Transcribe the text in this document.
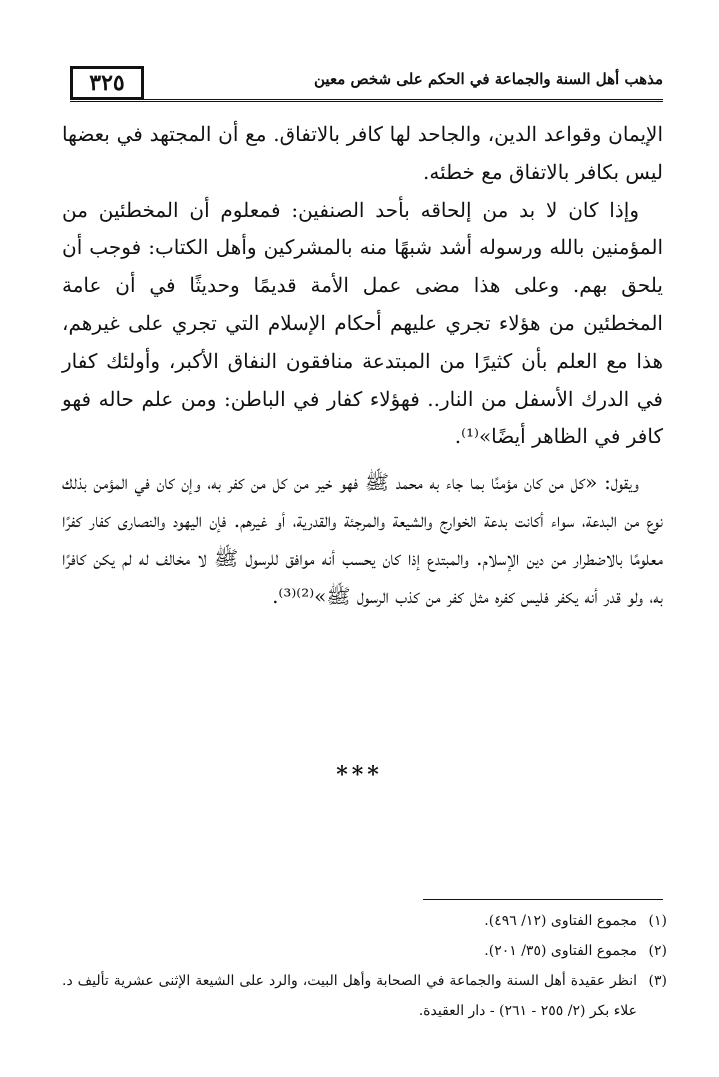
٣٢٥	مذهب أهل السنة والجماعة في الحكم على شخص معين

الإيمان وقواعد الدين، والجاحد لها كافر بالاتفاق. مع أن المجتهد في بعضها ليس بكافر بالاتفاق مع خطئه.

وإذا كان لا بد من إلحاقه بأحد الصنفين: فمعلوم أن المخطئين من المؤمنين بالله ورسوله أشد شبهًا منه بالمشركين وأهل الكتاب: فوجب أن يلحق بهم. وعلى هذا مضى عمل الأمة قديمًا وحديثًا في أن عامة المخطئين من هؤلاء تجري عليهم أحكام الإسلام التي تجري على غيرهم، هذا مع العلم بأن كثيرًا من المبتدعة منافقون النفاق الأكبر، وأولئك كفار في الدرك الأسفل من النار.. فهؤلاء كفار في الباطن: ومن علم حاله فهو كافر في الظاهر أيضًا»⁽¹⁾.

ويقول: «كل من كان مؤمنًا بما جاء به محمد ﷺ فهو خير من كل من كفر به، وإن كان في المؤمن بذلك نوع من البدعة، سواء أكانت بدعة الخوارج والشيعة والمرجئة والقدرية، أو غيرهم. فإن اليهود والنصارى كفار كفرًا معلومًا بالاضطرار من دين الإسلام. والمبتدع إذا كان يحسب أنه موافق للرسول ﷺ لا مخالف له لم يكن كافرًا به، ولو قدر أنه يكفر فليس كفره مثل كفر من كذب الرسول ﷺ»⁽²⁾⁽³⁾.

***
(١)
مجموع الفتاوى (١٢/ ٤٩٦).
(٢)
مجموع الفتاوى (٣٥/ ٢٠١).
(٣)
انظر عقيدة أهل السنة والجماعة في الصحابة وأهل البيت، والرد على الشيعة الإثنى عشرية تأليف د. علاء بكر (٢/ ٢٥٥ - ٢٦١) - دار العقيدة.
